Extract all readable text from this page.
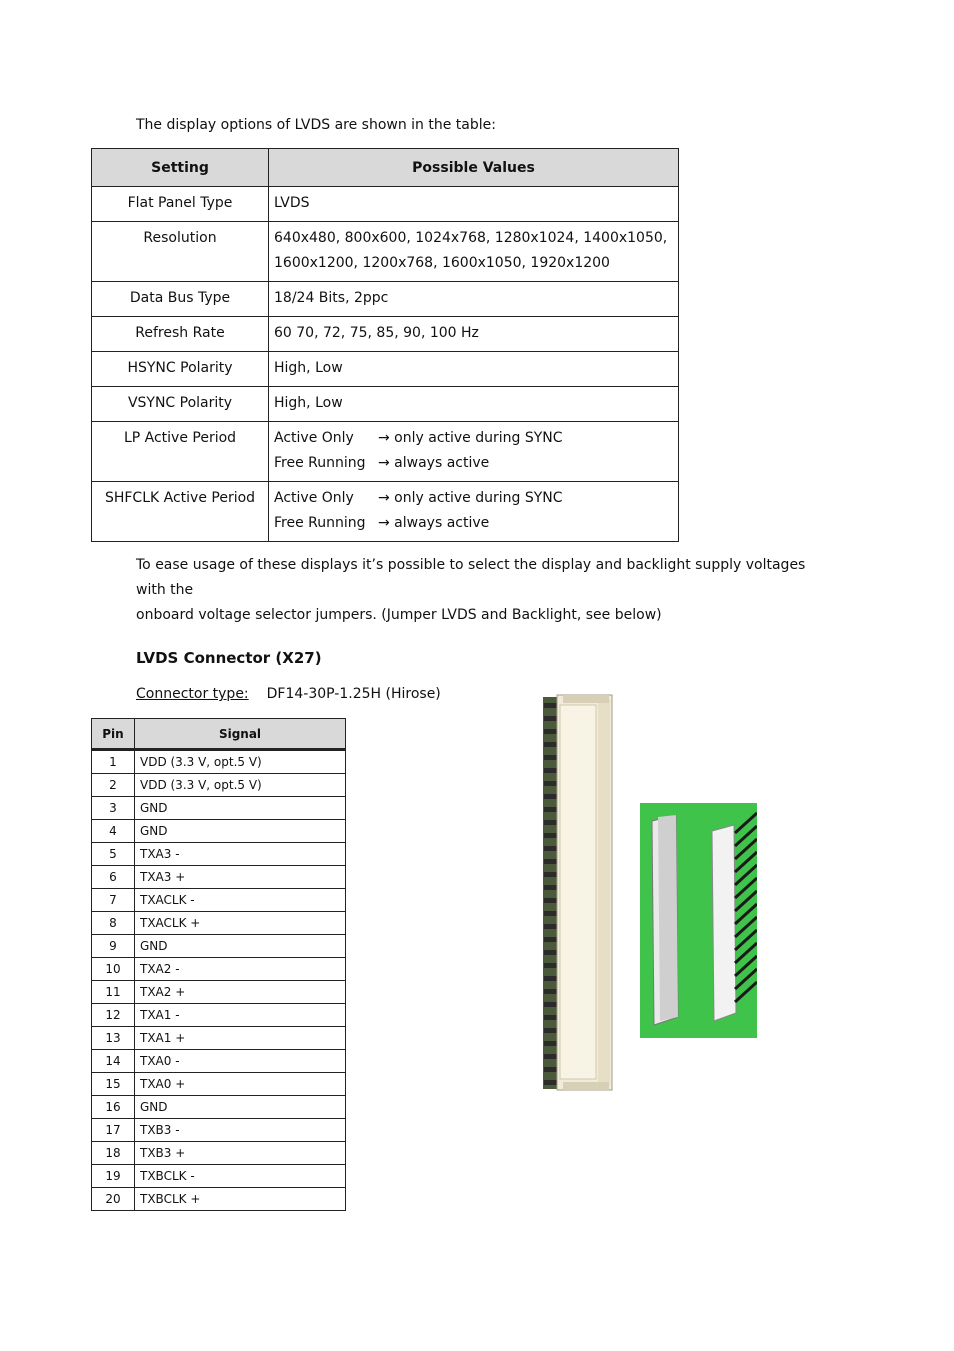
The display options of LVDS are shown in the table:
Setting	Possible Values
Flat Panel Type	LVDS

Resolution	640x480, 800x600, 1024x768, 1280x1024, 1400x1050,
1600x1200, 1200x768, 1600x1050, 1920x1200

Data Bus Type	18/24 Bits, 2ppc

Refresh Rate	60 70, 72, 75, 85, 90, 100 Hz

HSYNC Polarity	High, Low

VSYNC Polarity	High, Low

LP Active Period	Active Only → only active during SYNC
Free Running → always active

SHFCLK Active Period	Active Only → only active during SYNC
Free Running → always active
To ease usage of these displays it’s possible to select the display and backlight supply voltages with the
onboard voltage selector jumpers. (Jumper LVDS and Backlight, see below)
LVDS Connector (X27)
Connector type: DF14-30P-1.25H (Hirose)
Pin	Signal
1	VDD (3.3 V, opt.5 V)
2	VDD (3.3 V, opt.5 V)
3	GND
4	GND
5	TXA3 -
6	TXA3 +
7	TXACLK -
8	TXACLK +
9	GND
10	TXA2 -
11	TXA2 +
12	TXA1 -
13	TXA1 +
14	TXA0 -
15	TXA0 +
16	GND
17	TXB3 -
18	TXB3 +
19	TXBCLK -
20	TXBCLK +
